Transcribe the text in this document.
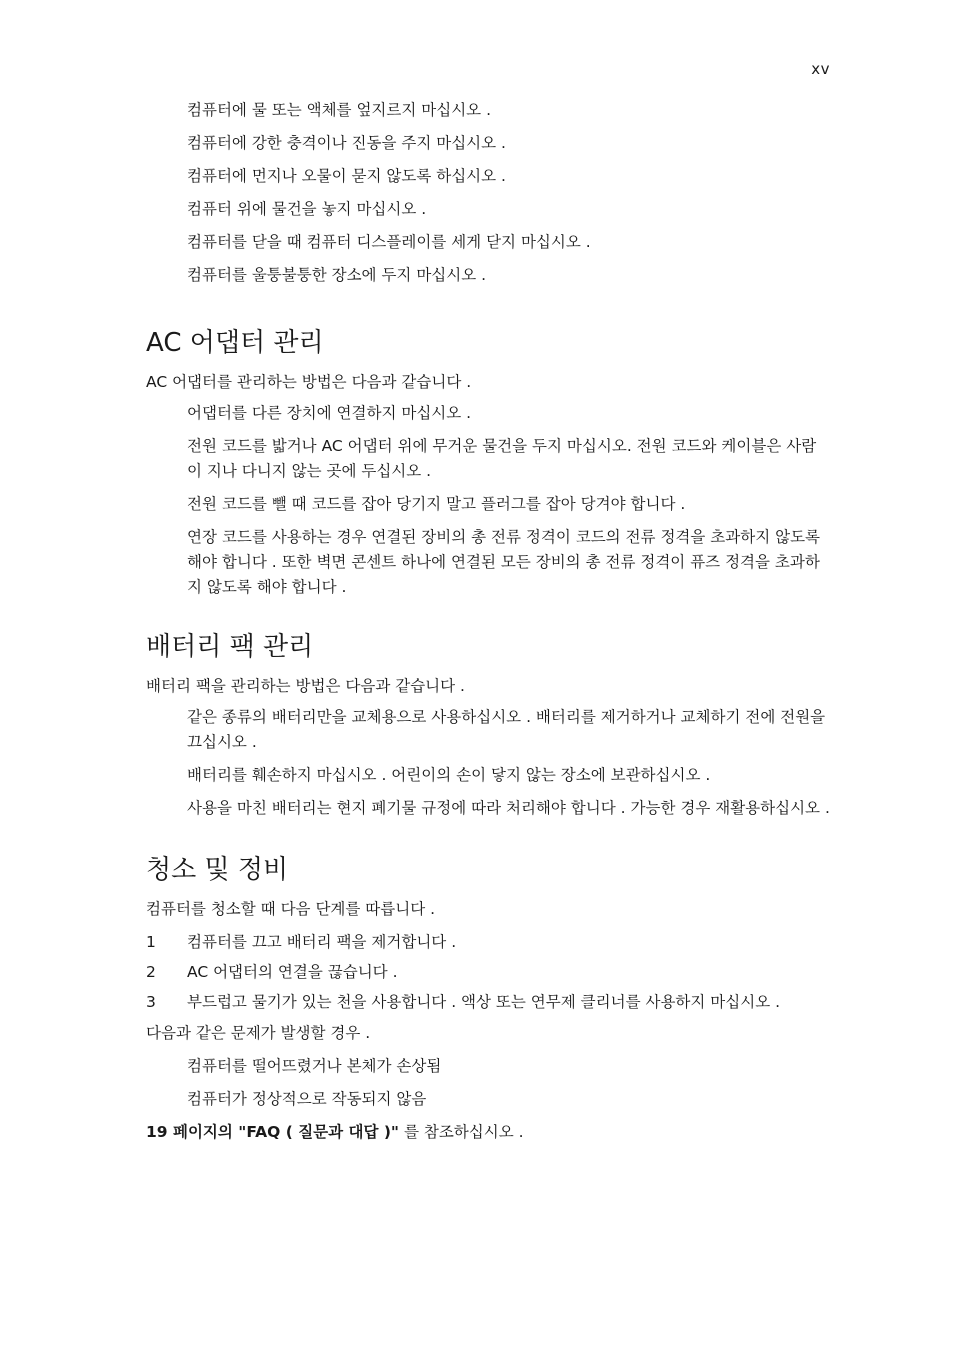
xv
컴퓨터에 물 또는 액체를 엎지르지 마십시오 .
컴퓨터에 강한 충격이나 진동을 주지 마십시오 .
컴퓨터에 먼지나 오물이 묻지 않도록 하십시오 .
컴퓨터 위에 물건을 놓지 마십시오 .
컴퓨터를 닫을 때 컴퓨터 디스플레이를 세게 닫지 마십시오 .
컴퓨터를 울퉁불퉁한 장소에 두지 마십시오 .
AC 어댑터 관리
AC 어댑터를 관리하는 방법은 다음과 같습니다 .
어댑터를 다른 장치에 연결하지 마십시오 .
전원 코드를 밟거나 AC 어댑터 위에 무거운 물건을 두지 마십시오. 전원 코드와 케이블은 사람이 지나 다니지 않는 곳에 두십시오 .
전원 코드를 뺄 때 코드를 잡아 당기지 말고 플러그를 잡아 당겨야 합니다 .
연장 코드를 사용하는 경우 연결된 장비의 총 전류 정격이 코드의 전류 정격을 초과하지 않도록 해야 합니다 . 또한 벽면 콘센트 하나에 연결된 모든 장비의 총 전류 정격이 퓨즈 정격을 초과하지 않도록 해야 합니다 .
배터리 팩 관리
배터리 팩을 관리하는 방법은 다음과 같습니다 .
같은 종류의 배터리만을 교체용으로 사용하십시오 . 배터리를 제거하거나 교체하기 전에 전원을 끄십시오 .
배터리를 훼손하지 마십시오 . 어린이의 손이 닿지 않는 장소에 보관하십시오 .
사용을 마친 배터리는 현지 폐기물 규정에 따라 처리해야 합니다 . 가능한 경우 재활용하십시오 .
청소 및 정비
컴퓨터를 청소할 때 다음 단계를 따릅니다 .
1	컴퓨터를 끄고 배터리 팩을 제거합니다 .
2	AC 어댑터의 연결을 끊습니다 .
3	부드럽고 물기가 있는 천을 사용합니다 . 액상 또는 연무제 클리너를 사용하지 마십시오 .
다음과 같은 문제가 발생할 경우 .
컴퓨터를 떨어뜨렸거나 본체가 손상됨
컴퓨터가 정상적으로 작동되지 않음
19 페이지의 "FAQ ( 질문과 대답 )" 를 참조하십시오 .
